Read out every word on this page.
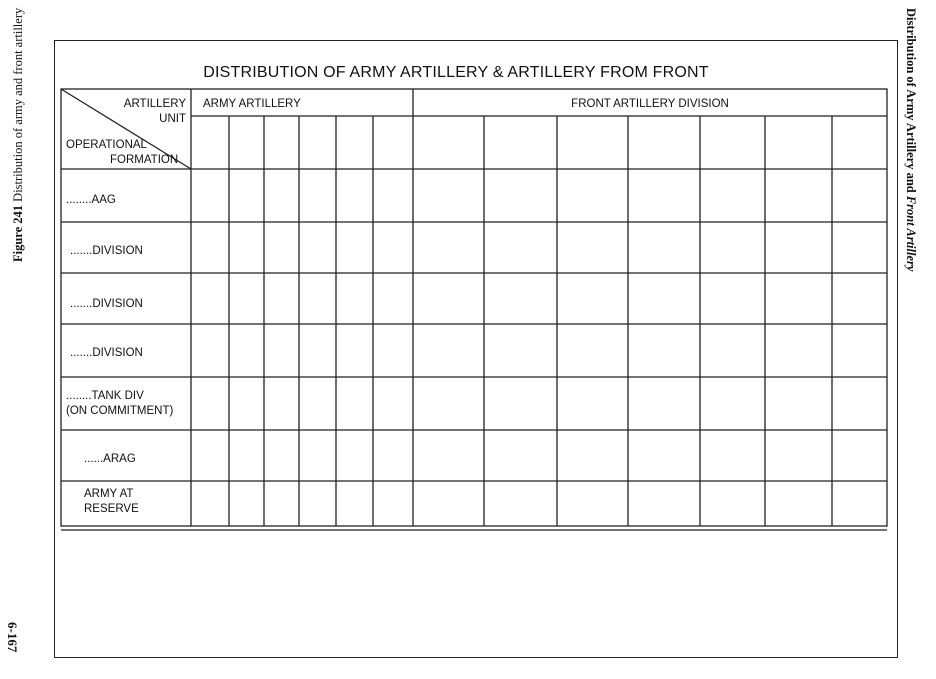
Figure 241 Distribution of army and front artillery	Distribution of Army Artillery and Front Artillery
6-167
DISTRIBUTION OF ARMY ARTILLERY & ARTILLERY FROM FRONT
ARTILLERY
UNIT
OPERATIONAL
FORMATION
ARMY ARTILLERY	FRONT ARTILLERY DIVISION
........AAG
.......DIVISION
.......DIVISION
.......DIVISION
........TANK DIV
(ON COMMITMENT)
......ARAG
ARMY AT
RESERVE
